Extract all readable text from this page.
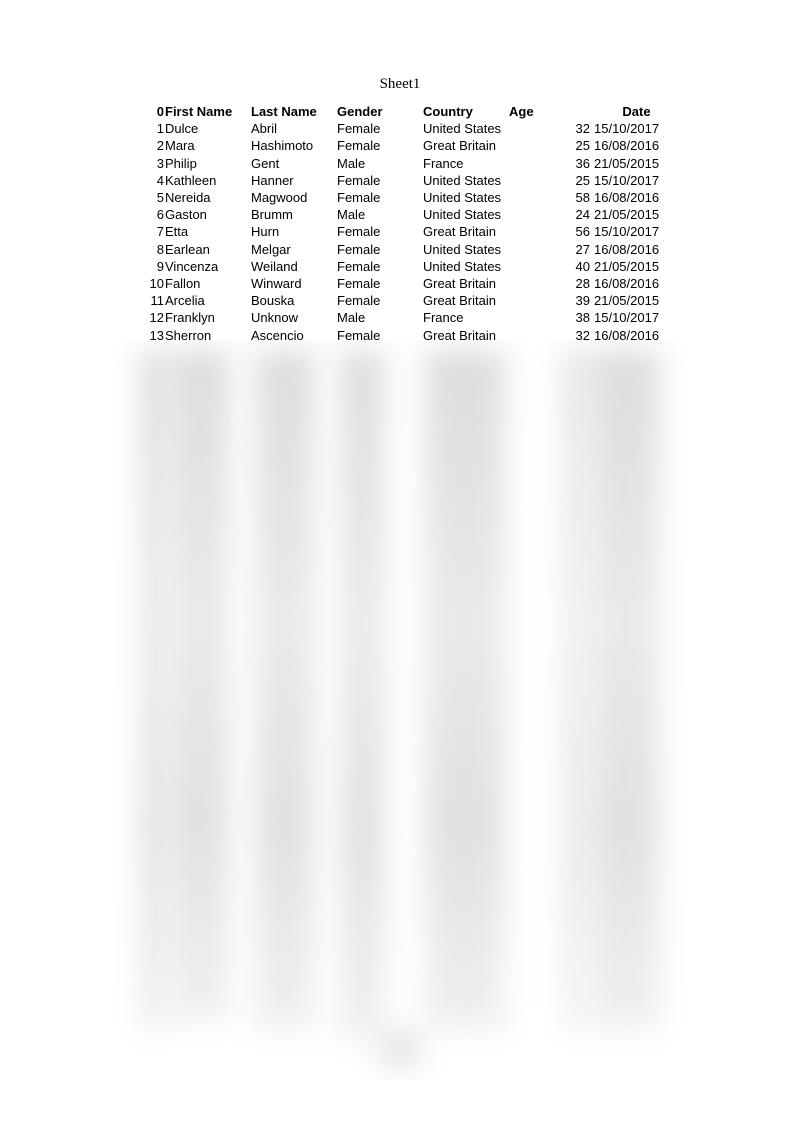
Sheet1
0	First Name	Last Name	Gender	Country	Age	Date
1	Dulce	Abril	Female	United States	32	15/10/2017
2	Mara	Hashimoto	Female	Great Britain	25	16/08/2016
3	Philip	Gent	Male	France	36	21/05/2015
4	Kathleen	Hanner	Female	United States	25	15/10/2017
5	Nereida	Magwood	Female	United States	58	16/08/2016
6	Gaston	Brumm	Male	United States	24	21/05/2015
7	Etta	Hurn	Female	Great Britain	56	15/10/2017
8	Earlean	Melgar	Female	United States	27	16/08/2016
9	Vincenza	Weiland	Female	United States	40	21/05/2015
10	Fallon	Winward	Female	Great Britain	28	16/08/2016
11	Arcelia	Bouska	Female	Great Britain	39	21/05/2015
12	Franklyn	Unknow	Male	France	38	15/10/2017
13	Sherron	Ascencio	Female	Great Britain	32	16/08/2016
